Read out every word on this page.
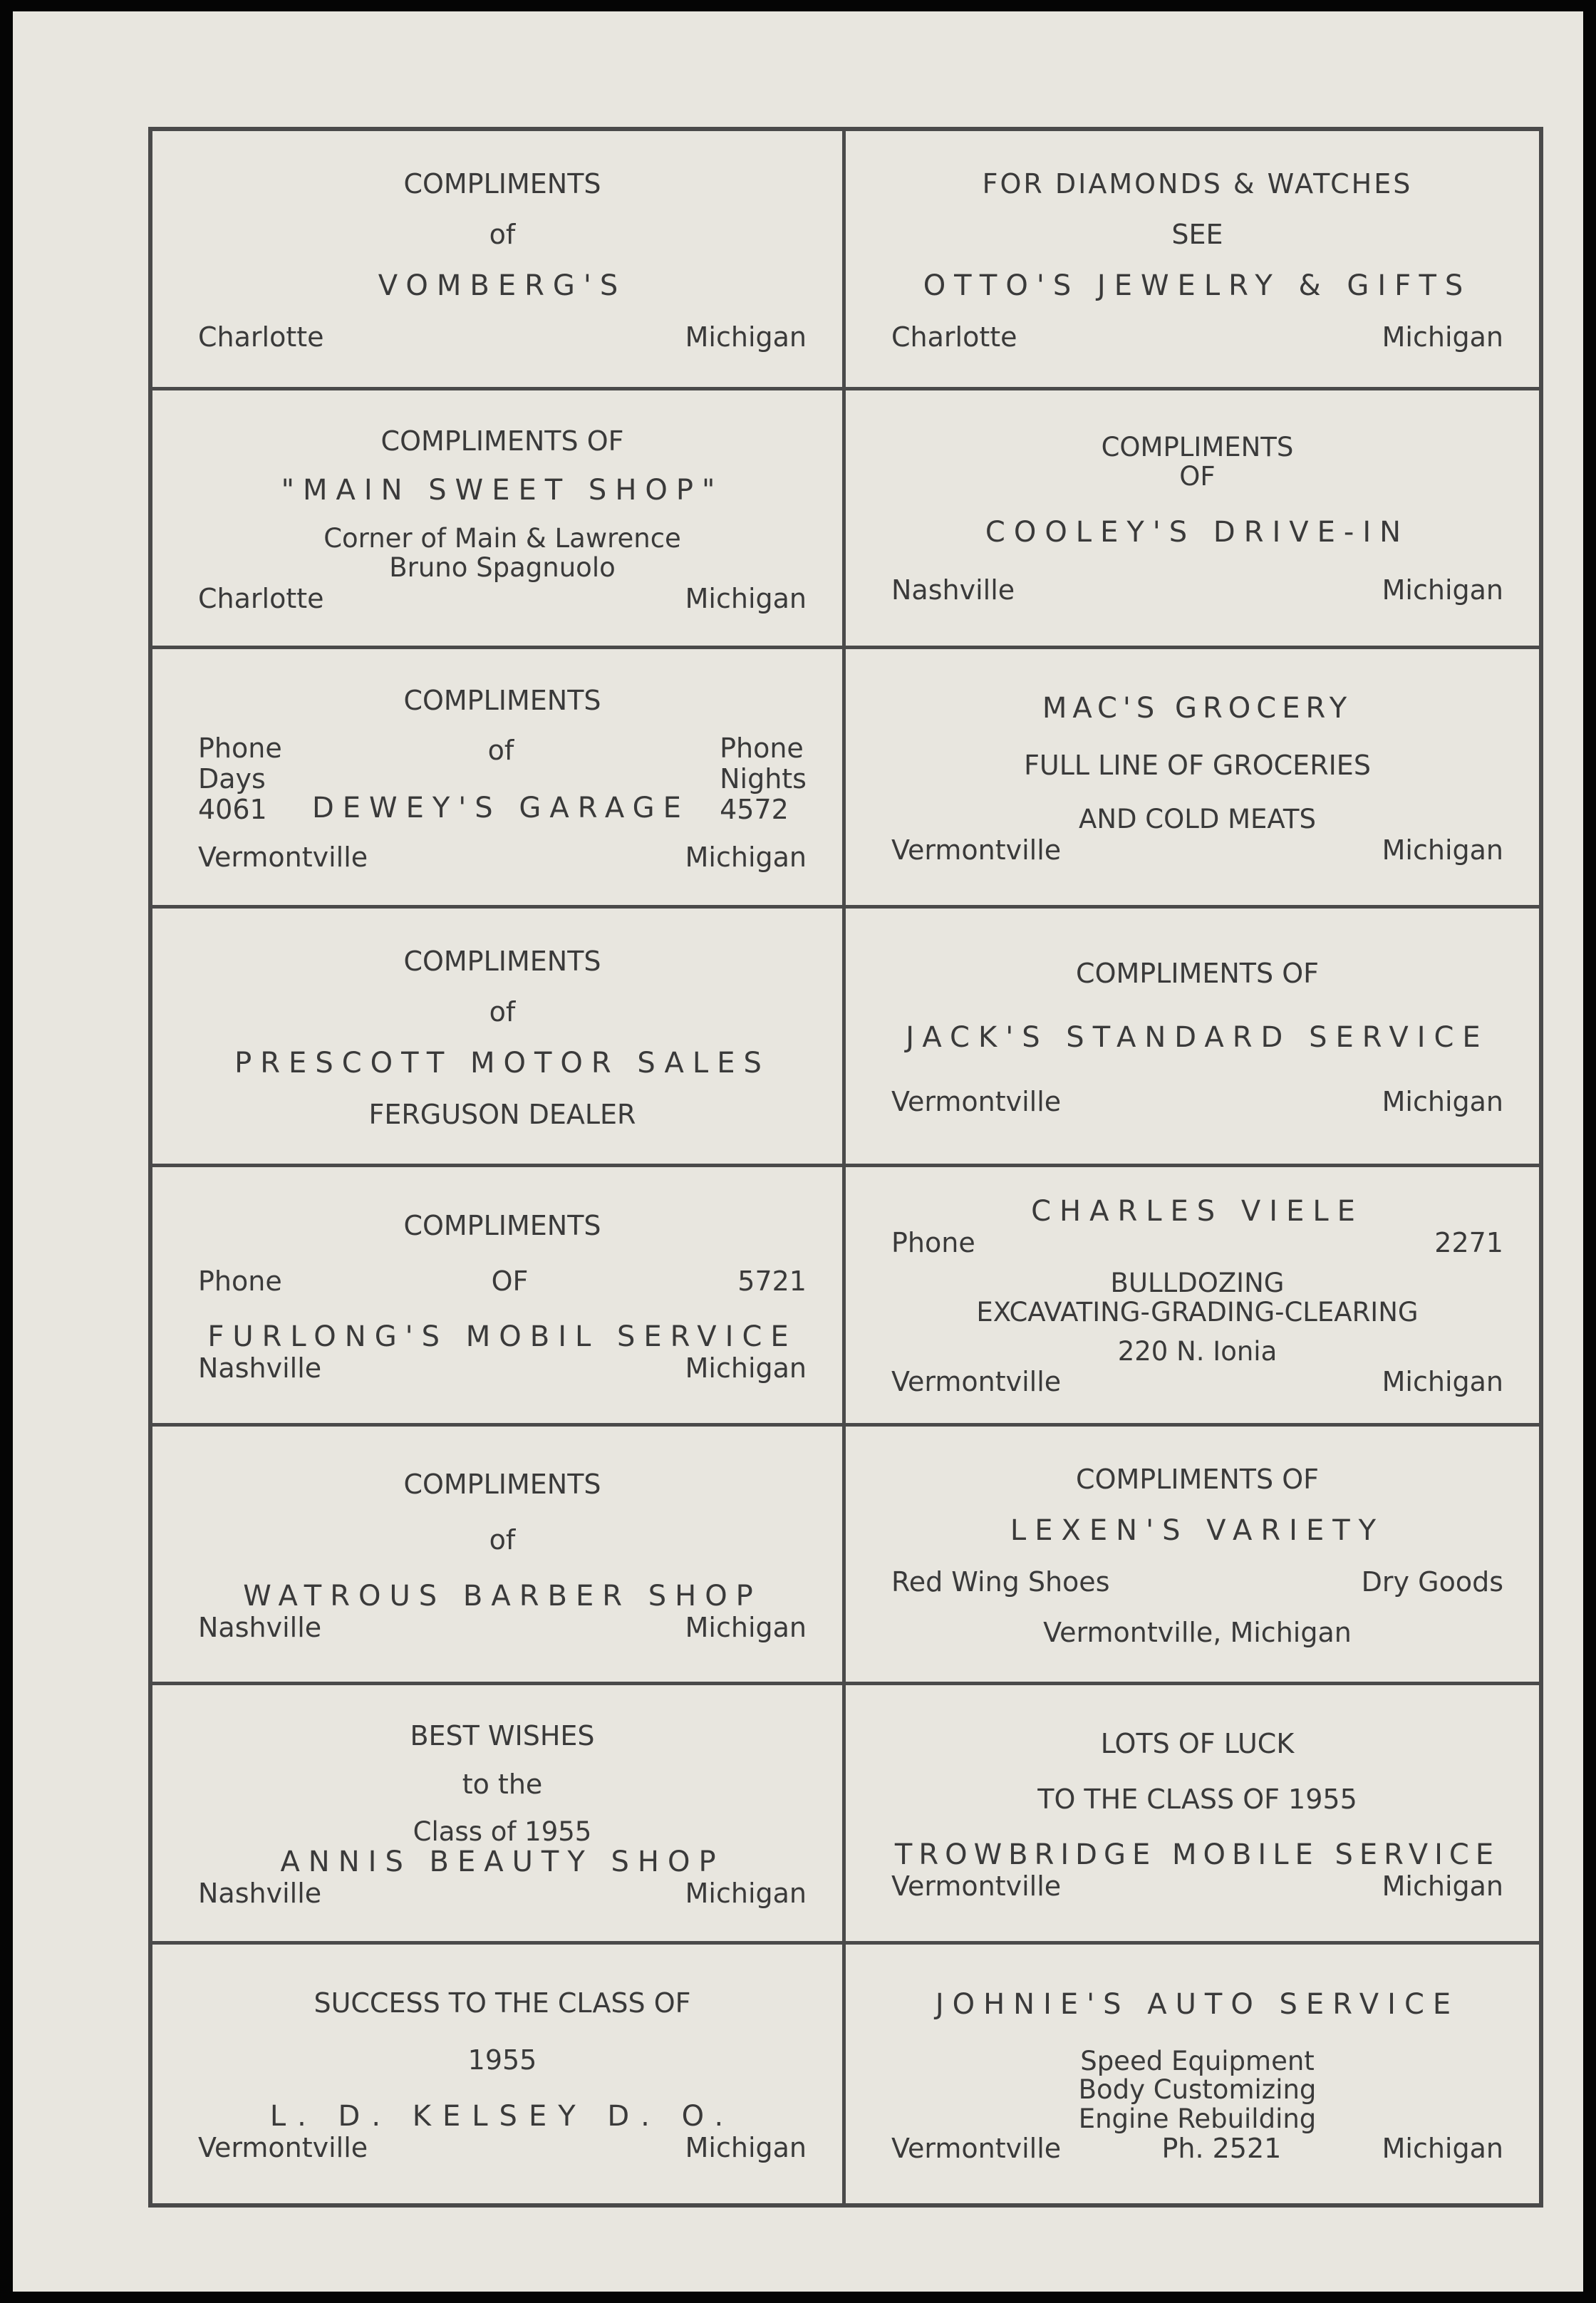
COMPLIMENTS
of
VOMBERG'S
Charlotte	Michigan
FOR DIAMONDS & WATCHES
SEE
OTTO'S JEWELRY & GIFTS
Charlotte	Michigan
COMPLIMENTS OF
"MAIN SWEET SHOP"
Corner of Main & Lawrence
Bruno Spagnuolo
Charlotte	Michigan
COMPLIMENTS
OF
COOLEY'S DRIVE-IN
Nashville	Michigan
COMPLIMENTS
Phone
Days
4061
of
DEWEY'S GARAGE
Phone
Nights
4572
Vermontville	Michigan
MAC'S GROCERY
FULL LINE OF GROCERIES
AND COLD MEATS
Vermontville	Michigan
COMPLIMENTS
of
PRESCOTT MOTOR SALES
FERGUSON DEALER
COMPLIMENTS OF
JACK'S STANDARD SERVICE
Vermontville	Michigan
COMPLIMENTS
Phone	OF	5721
FURLONG'S MOBIL SERVICE
Nashville	Michigan
CHARLES VIELE
Phone	2271
BULLDOZING
EXCAVATING-GRADING-CLEARING
220 N. Ionia
Vermontville	Michigan
COMPLIMENTS
of
WATROUS BARBER SHOP
Nashville	Michigan
COMPLIMENTS OF
LEXEN'S VARIETY
Red Wing Shoes	Dry Goods
Vermontville, Michigan
BEST WISHES
to the
Class of 1955
ANNIS BEAUTY SHOP
Nashville	Michigan
LOTS OF LUCK
TO THE CLASS OF 1955
TROWBRIDGE MOBILE SERVICE
Vermontville	Michigan
SUCCESS TO THE CLASS OF
1955
L. D. KELSEY D. O.
Vermontville	Michigan
JOHNIE'S AUTO SERVICE
Speed Equipment
Body Customizing
Engine Rebuilding
Vermontville	Ph. 2521	Michigan
